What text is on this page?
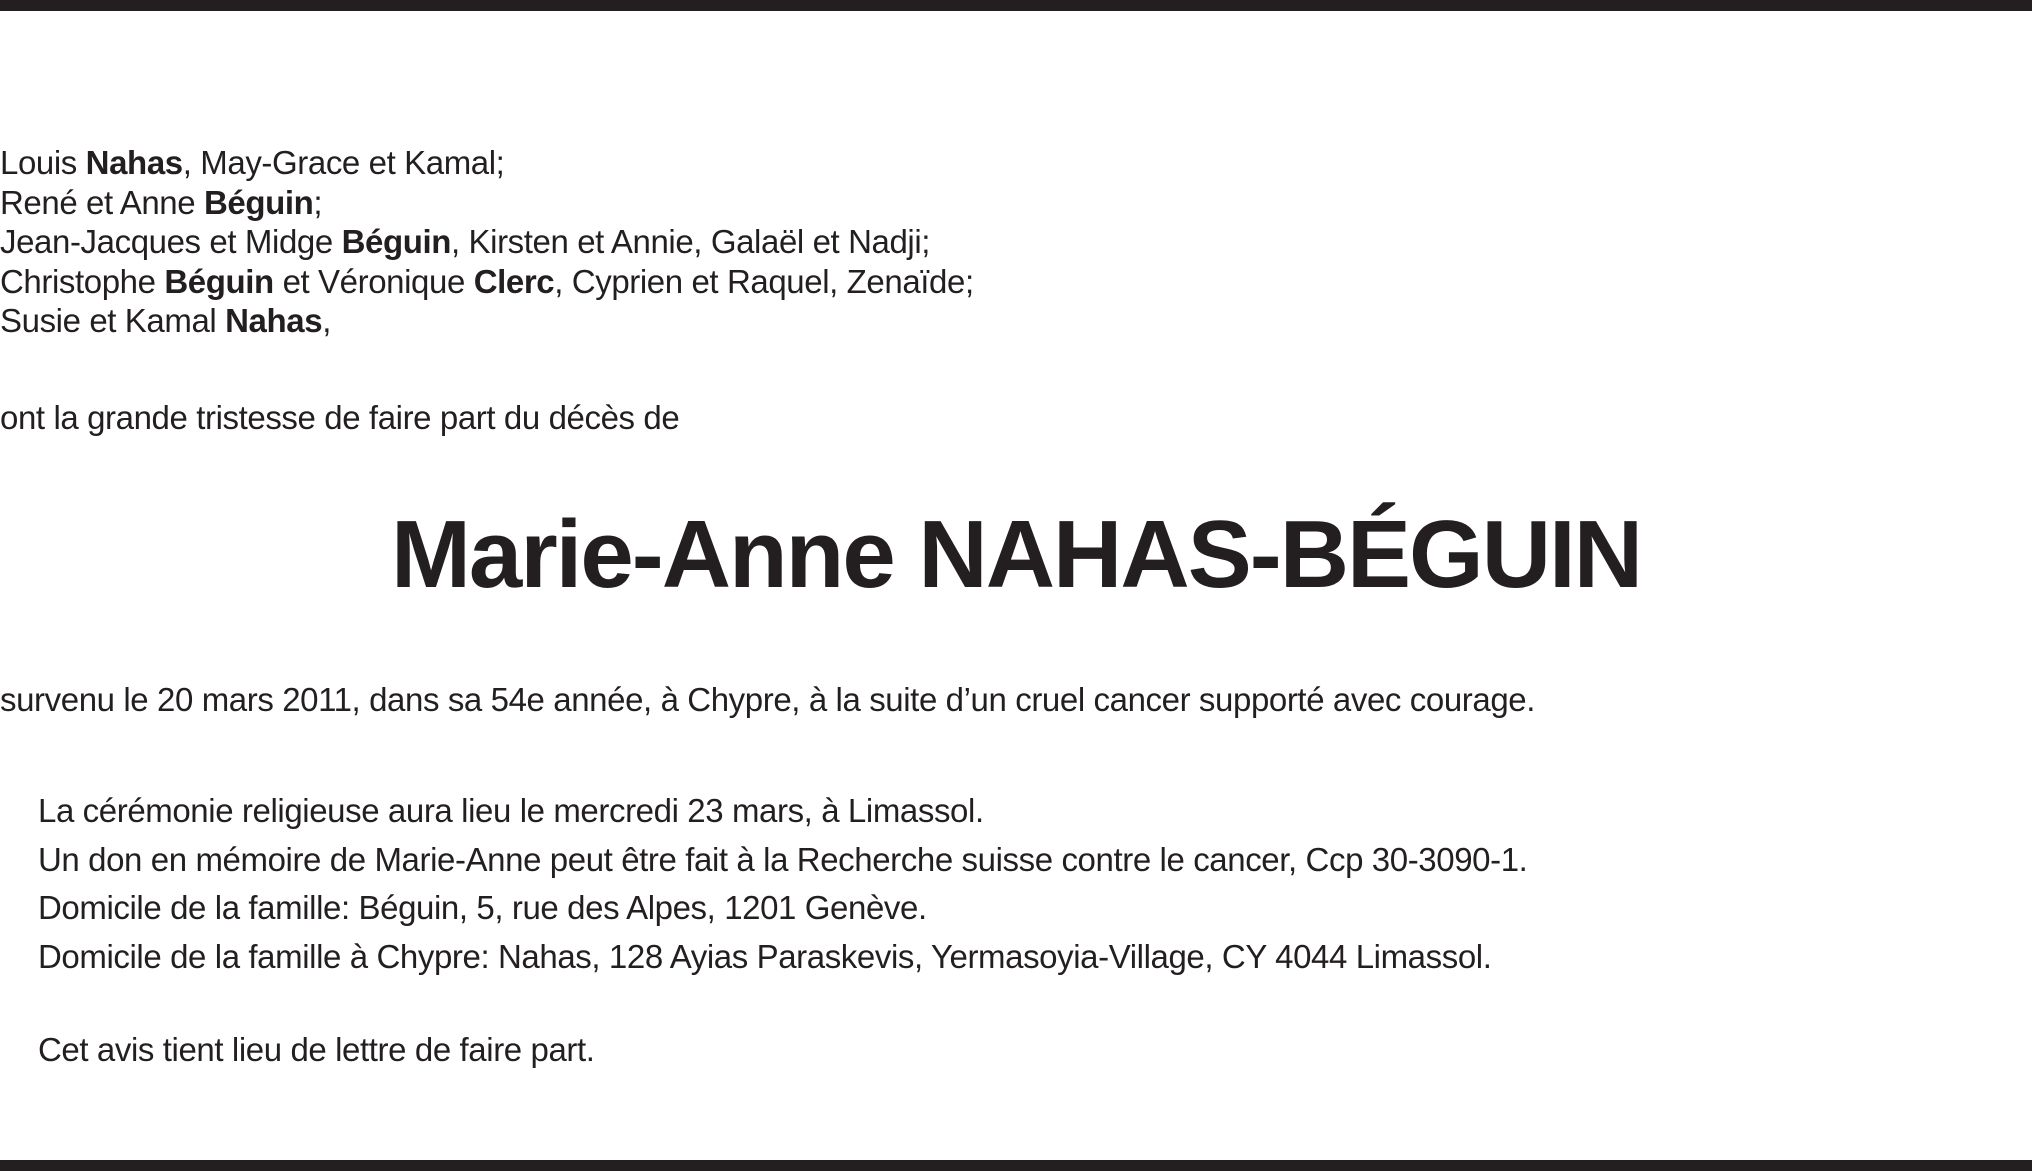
Louis Nahas, May-Grace et Kamal;
René et Anne Béguin;
Jean-Jacques et Midge Béguin, Kirsten et Annie, Galaël et Nadji;
Christophe Béguin et Véronique Clerc, Cyprien et Raquel, Zenaïde;
Susie et Kamal Nahas,
ont la grande tristesse de faire part du décès de
Marie-Anne NAHAS-BÉGUIN
survenu le 20 mars 2011, dans sa 54e année, à Chypre, à la suite d’un cruel cancer supporté avec courage.
La cérémonie religieuse aura lieu le mercredi 23 mars, à Limassol.
Un don en mémoire de Marie-Anne peut être fait à la Recherche suisse contre le cancer, Ccp 30-3090-1.
Domicile de la famille: Béguin, 5, rue des Alpes, 1201 Genève.
Domicile de la famille à Chypre: Nahas, 128 Ayias Paraskevis, Yermasoyia-Village, CY 4044 Limassol.
Cet avis tient lieu de lettre de faire part.
